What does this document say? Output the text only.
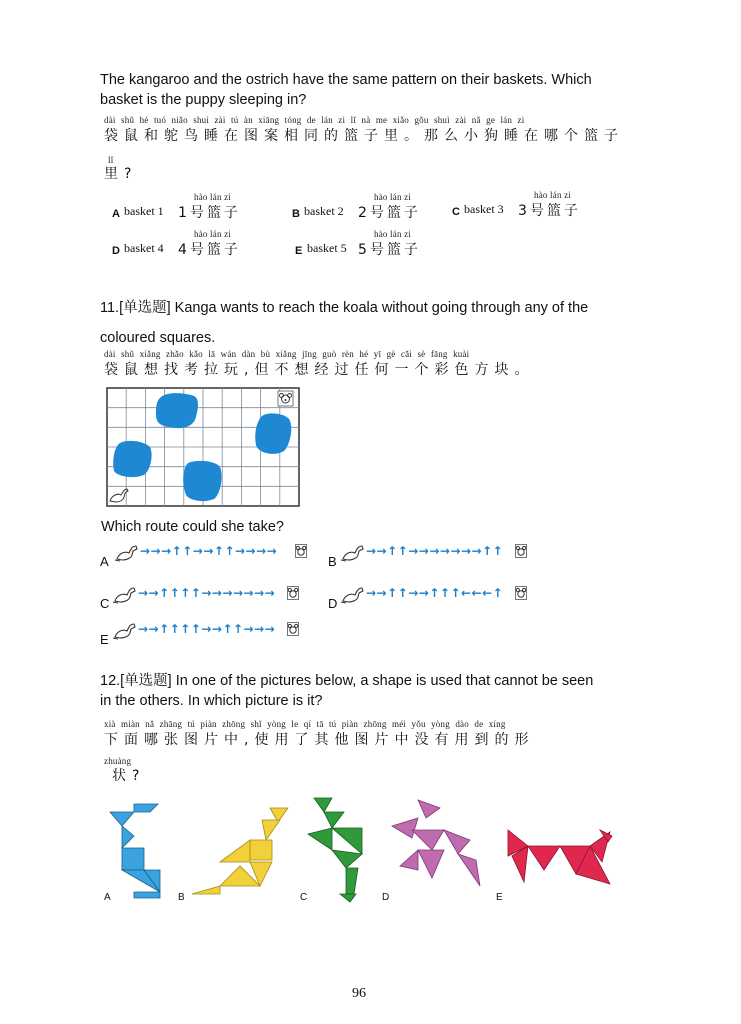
The kangaroo and the ostrich have the same pattern on their baskets. Which
basket is the puppy sleeping in?
dài shǔ hé tuó niǎo shuì zài tú àn xiāng tóng de lán zi lǐ nà me xiǎo gǒu shuì zài nǎ ge lán zi
袋鼠和鸵鸟睡在图案相同的篮子里。那么小狗睡在哪个篮子
lǐ
里?
A basket 1
hào lán zi
1号篮子	B basket 2
hào lán zi
2号篮子	C basket 3
hào lán zi
3号篮子
D basket 4
hào lán zi
4号篮子	E basket 5
hào lán zi
5号篮子
11.[单选题] Kanga wants to reach the koala without going through any of the
coloured squares.
dài shǔ xiǎng zhǎo kǎo lā wán dàn bù xiǎng jīng guò rèn hé yī gè cǎi sè fāng kuài
袋鼠想找考拉玩,但不想经过任何一个彩色方块。
Which route could she take?
A
→→→↑↑→→↑↑→→→→
B
→→↑↑→→→→→→→↑↑
C
→→↑↑↑↑→→→→→→→
D
→→↑↑→→↑↑↑←←←↑
E
→→↑↑↑↑→→↑↑→→→
12.[单选题] In one of the pictures below, a shape is used that cannot be seen
in the others. In which picture is it?
xià miàn nǎ zhāng tú piàn zhōng shǐ yòng le qí tā tú piàn zhōng méi yǒu yòng dào de xíng
下面哪张图片中,使用了其他图片中没有用到的形
zhuàng
状?
A	B	C	D	E
96
